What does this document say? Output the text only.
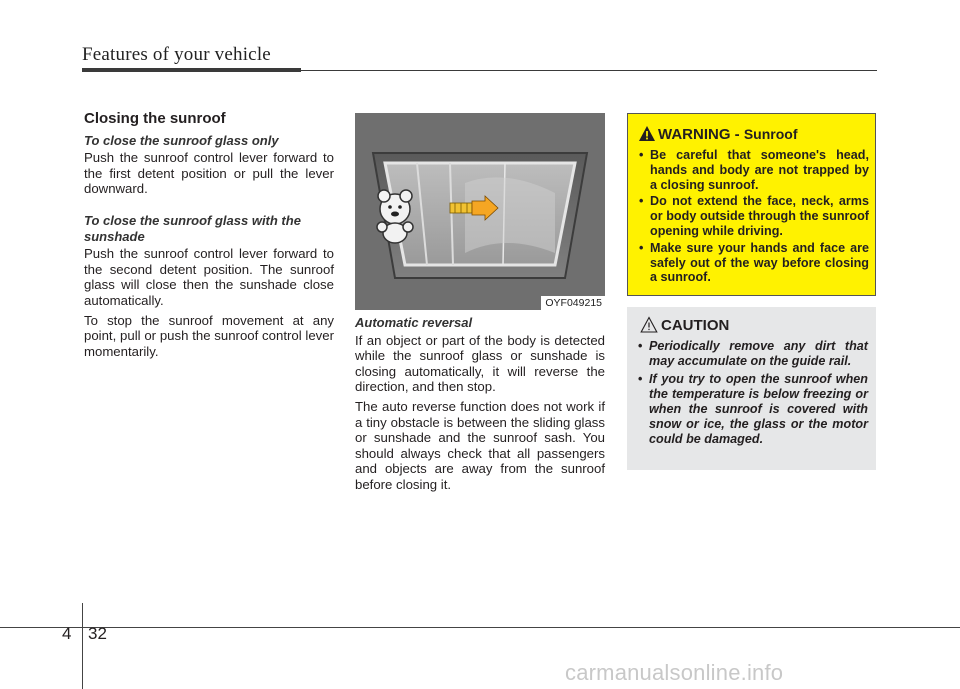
Features of your vehicle
Closing the sunroof
To close the sunroof glass only

Push the sunroof control lever forward to the first detent position or pull the lever downward.

To close the sunroof glass with the sunshade

Push the sunroof control lever forward to the second detent position. The sunroof glass will close then the sunshade close automatically.

To stop the sunroof movement at any point, pull or push the sunroof control lever momentarily.

OYF049215
Automatic reversal

If an object or part of the body is detected while the sunroof glass or sunshade is closing automatically, it will reverse the direction, and then stop.

The auto reverse function does not work if a tiny obstacle is between the sliding glass or sunshade and the sunroof sash. You should always check that all passengers and objects are away from the sunroof before closing it.

WARNING - Sunroof
• Be careful that someone's head, hands and body are not trapped by a closing sunroof.
• Do not extend the face, neck, arms or body outside through the sunroof opening while driving.
• Make sure your hands and face are safely out of the way before closing a sunroof.
CAUTION
• Periodically remove any dirt that may accumulate on the guide rail.
• If you try to open the sunroof when the temperature is below freezing or when the sunroof is covered with snow or ice, the glass or the motor could be damaged.
4 32
carmanualsonline.info
